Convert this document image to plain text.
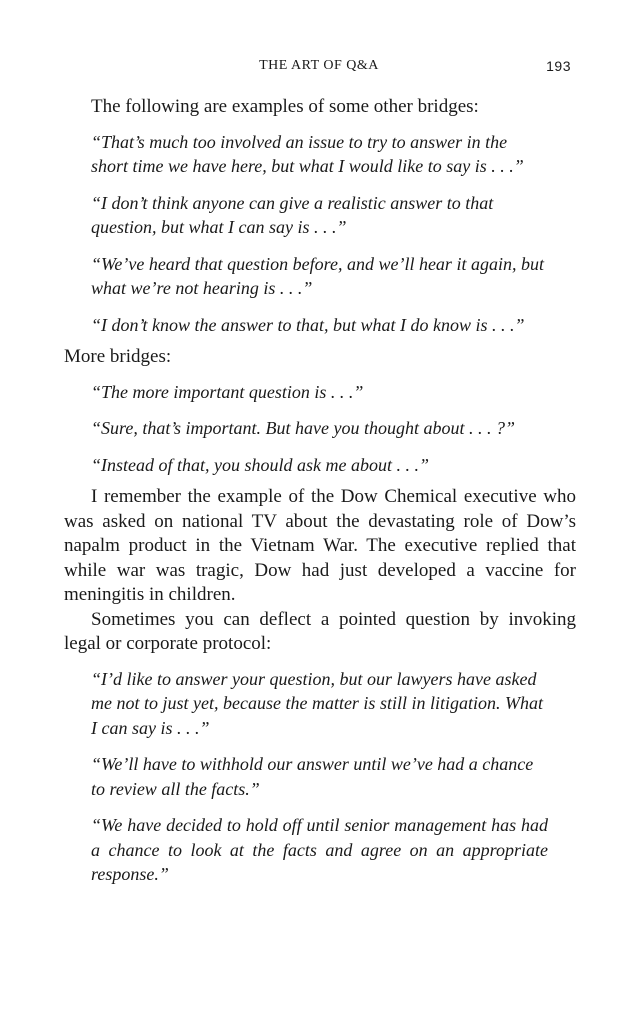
THE ART OF Q&A	193

The following are examples of some other bridges:

“That’s much too involved an issue to try to answer in the short time we have here, but what I would like to say is . . .”

“I don’t think anyone can give a realistic answer to that question, but what I can say is . . .”

“We’ve heard that question before, and we’ll hear it again, but what we’re not hearing is . . .”

“I don’t know the answer to that, but what I do know is . . .”

More bridges:

“The more important question is . . .”

“Sure, that’s important. But have you thought about . . . ?”

“Instead of that, you should ask me about . . .”

I remember the example of the Dow Chemical executive who was asked on national TV about the devastating role of Dow’s napalm product in the Vietnam War. The executive replied that while war was tragic, Dow had just developed a vaccine for meningitis in children.

Sometimes you can deflect a pointed question by invoking legal or corporate protocol:

“I’d like to answer your question, but our lawyers have asked me not to just yet, because the matter is still in litigation. What I can say is . . .”

“We’ll have to withhold our answer until we’ve had a chance to review all the facts.”

“We have decided to hold off until senior management has had a chance to look at the facts and agree on an appropriate response.”
